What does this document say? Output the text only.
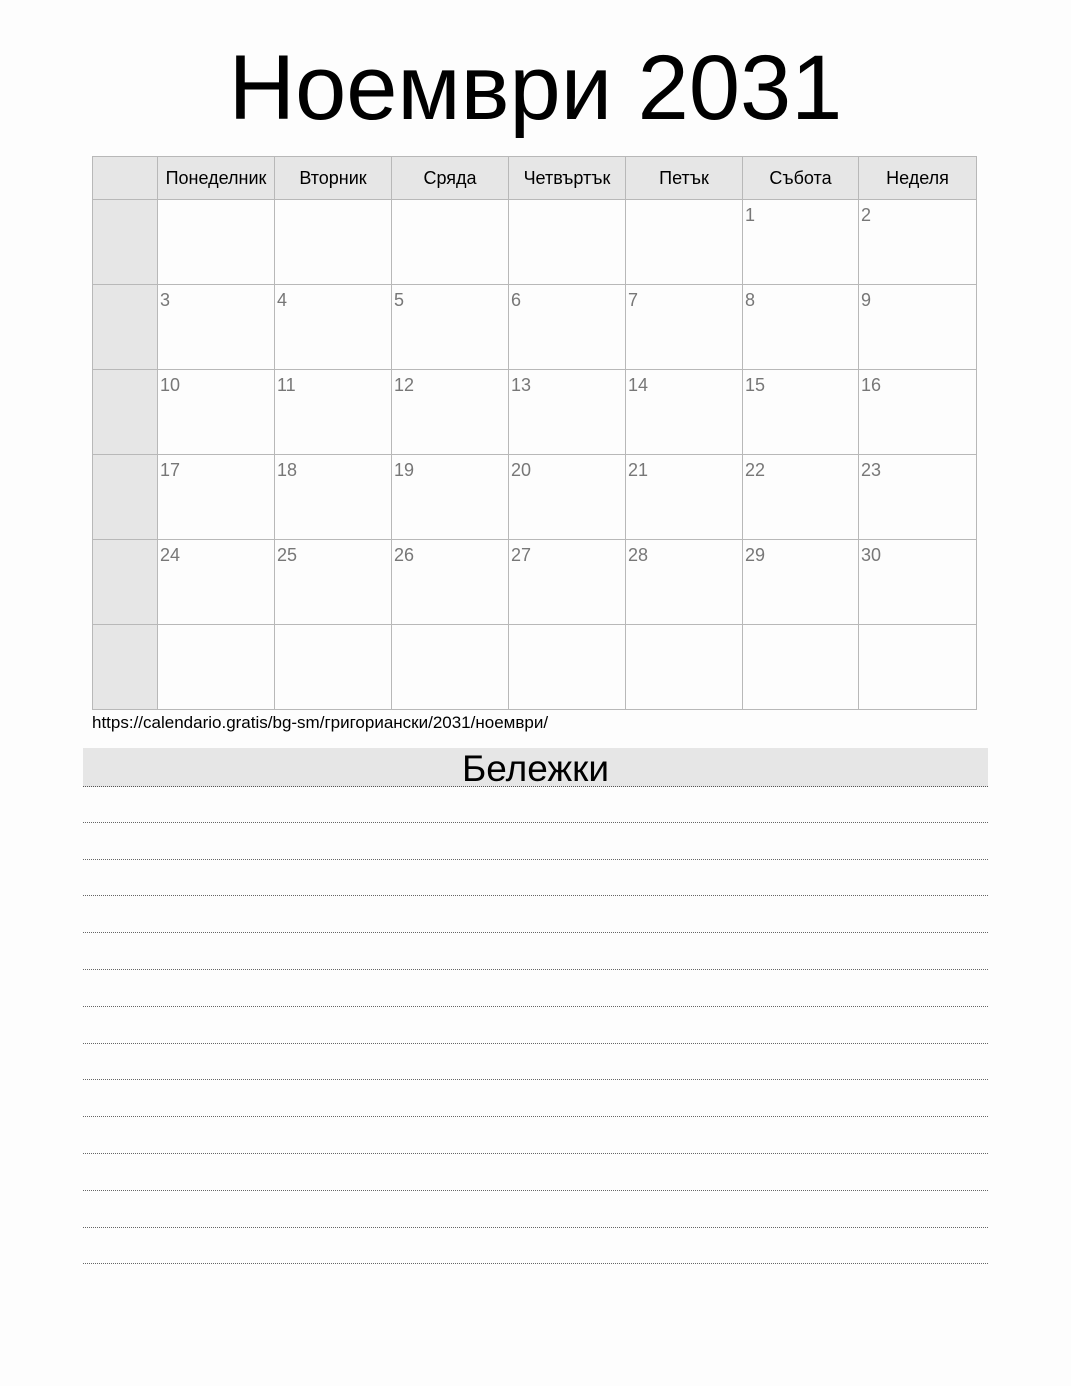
Ноември 2031
	Понеделник	Вторник	Сряда	Четвъртък	Петък	Събота	Неделя

						1	2

	3	4	5	6	7	8	9

	10	11	12	13	14	15	16

	17	18	19	20	21	22	23

	24	25	26	27	28	29	30

https://calendario.gratis/bg-sm/григориански/2031/ноември/
Бележки
